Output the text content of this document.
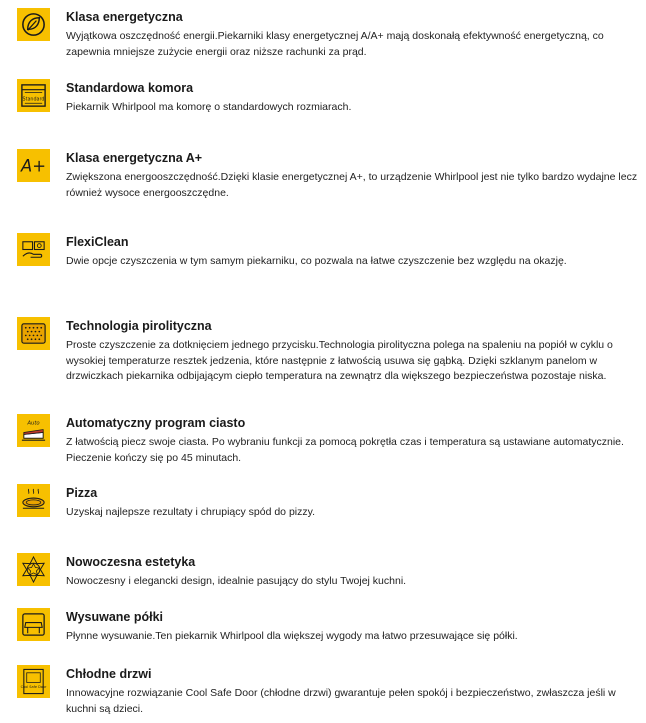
Klasa energetyczna
Wyjątkowa oszczędność energii.Piekarniki klasy energetycznej A/A+ mają doskonałą efektywność energetyczną, co zapewnia mniejsze zużycie energii oraz niższe rachunki za prąd.
Standard
Standardowa komora
Piekarnik Whirlpool ma komorę o standardowych rozmiarach.
A+ Klasa energetyczna A+
Zwiększona energooszczędność.Dzięki klasie energetycznej A+, to urządzenie Whirlpool jest nie tylko bardzo wydajne lecz również wysoce energooszczędne.
FlexiClean
Dwie opcje czyszczenia w tym samym piekarniku, co pozwala na łatwe czyszczenie bez względu na okazję.
Technologia pirolityczna
Proste czyszczenie za dotknięciem jednego przycisku.Technologia pirolityczna polega na spaleniu na popiół w cyklu o wysokiej temperaturze resztek jedzenia, które następnie z łatwością usuwa się gąbką. Dzięki szklanym panelom w drzwiczkach piekarnika odbijającym ciepło temperatura na zewnątrz dla większego bezpieczeństwa pozostaje niska.
Auto Automatyczny program ciasto
Z łatwością piecz swoje ciasta. Po wybraniu funkcji za pomocą pokrętła czas i temperatura są ustawiane automatycznie. Pieczenie kończy się po 45 minutach.
Pizza
Uzyskaj najlepsze rezultaty i chrupiący spód do pizzy.
Nowoczesna estetyka
Nowoczesny i elegancki design, idealnie pasujący do stylu Twojej kuchni.
Wysuwane półki
Płynne wysuwanie.Ten piekarnik Whirlpool dla większej wygody ma łatwo przesuwające się półki.
Cool Safe Door
Chłodne drzwi
Innowacyjne rozwiązanie Cool Safe Door (chłodne drzwi) gwarantuje pełen spokój i bezpieczeństwo, zwłaszcza jeśli w kuchni są dzieci.
